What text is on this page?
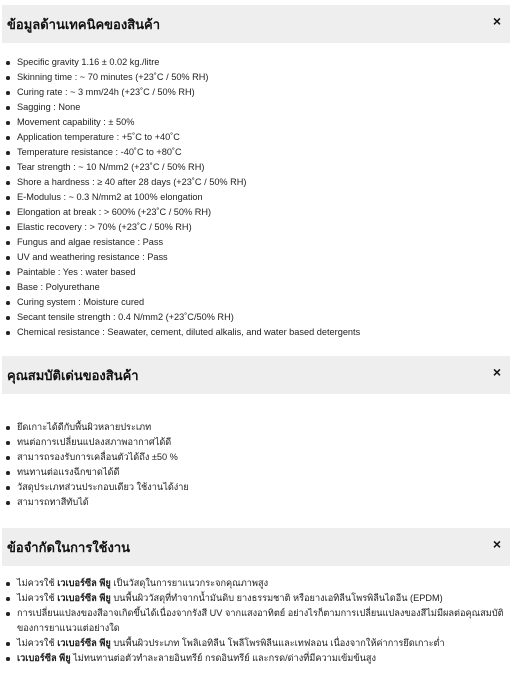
ข้อมูลด้านเทคนิคของสินค้า	×
Specific gravity 1.16 ± 0.02 kg./litre
Skinning time : ~ 70 minutes (+23˚C / 50% RH)
Curing rate : ~ 3 mm/24h (+23˚C / 50% RH)
Sagging : None
Movement capability : ± 50%
Application temperature : +5˚C to +40˚C
Temperature resistance : -40˚C to +80˚C
Tear strength : ~ 10 N/mm2 (+23˚C / 50% RH)
Shore a hardness : ≥ 40 after 28 days (+23˚C / 50% RH)
E-Modulus : ~ 0.3 N/mm2 at 100% elongation
Elongation at break : > 600% (+23˚C / 50% RH)
Elastic recovery : > 70% (+23˚C / 50% RH)
Fungus and algae resistance : Pass
UV and weathering resistance : Pass
Paintable : Yes : water based
Base : Polyurethane
Curing system : Moisture cured
Secant tensile strength : 0.4 N/mm2 (+23˚C/50% RH)
Chemical resistance : Seawater, cement, diluted alkalis, and water based detergents
คุณสมบัติเด่นของสินค้า	×
ยึดเกาะได้ดีกับพื้นผิวหลายประเภท
ทนต่อการเปลี่ยนแปลงสภาพอากาศได้ดี
สามารถรองรับการเคลื่อนตัวได้ถึง ±50 %
ทนทานต่อแรงฉีกขาดได้ดี
วัสดุประเภทส่วนประกอบเดียว ใช้งานได้ง่าย
สามารถทาสีทับได้
ข้อจำกัดในการใช้งาน	×
ไม่ควรใช้ เวเบอร์ซีล พียู เป็นวัสดุในการยาแนวกระจกคุณภาพสูง
ไม่ควรใช้ เวเบอร์ซีล พียู บนพื้นผิววัสดุที่ทำจากน้ำมันดิบ ยางธรรมชาติ หรือยางเอทิลีนโพรพิลีนไดอีน (EPDM)
การเปลี่ยนแปลงของสีอาจเกิดขึ้นได้เนื่องจากรังสี UV จากแสงอาทิตย์ อย่างไรก็ตามการเปลี่ยนแปลงของสีไม่มีผลต่อคุณสมบัติของการยาแนวแต่อย่างใด
ไม่ควรใช้ เวเบอร์ซีล พียู บนพื้นผิวประเภท โพลิเอทิลีน โพลีโพรพิลีนและเทฟลอน เนื่องจากให้ค่าการยึดเกาะต่ำ
เวเบอร์ซีล พียู ไม่ทนทานต่อตัวทำละลายอินทรีย์ กรดอินทรีย์ และกรด/ด่างที่มีความเข้มข้นสูง
